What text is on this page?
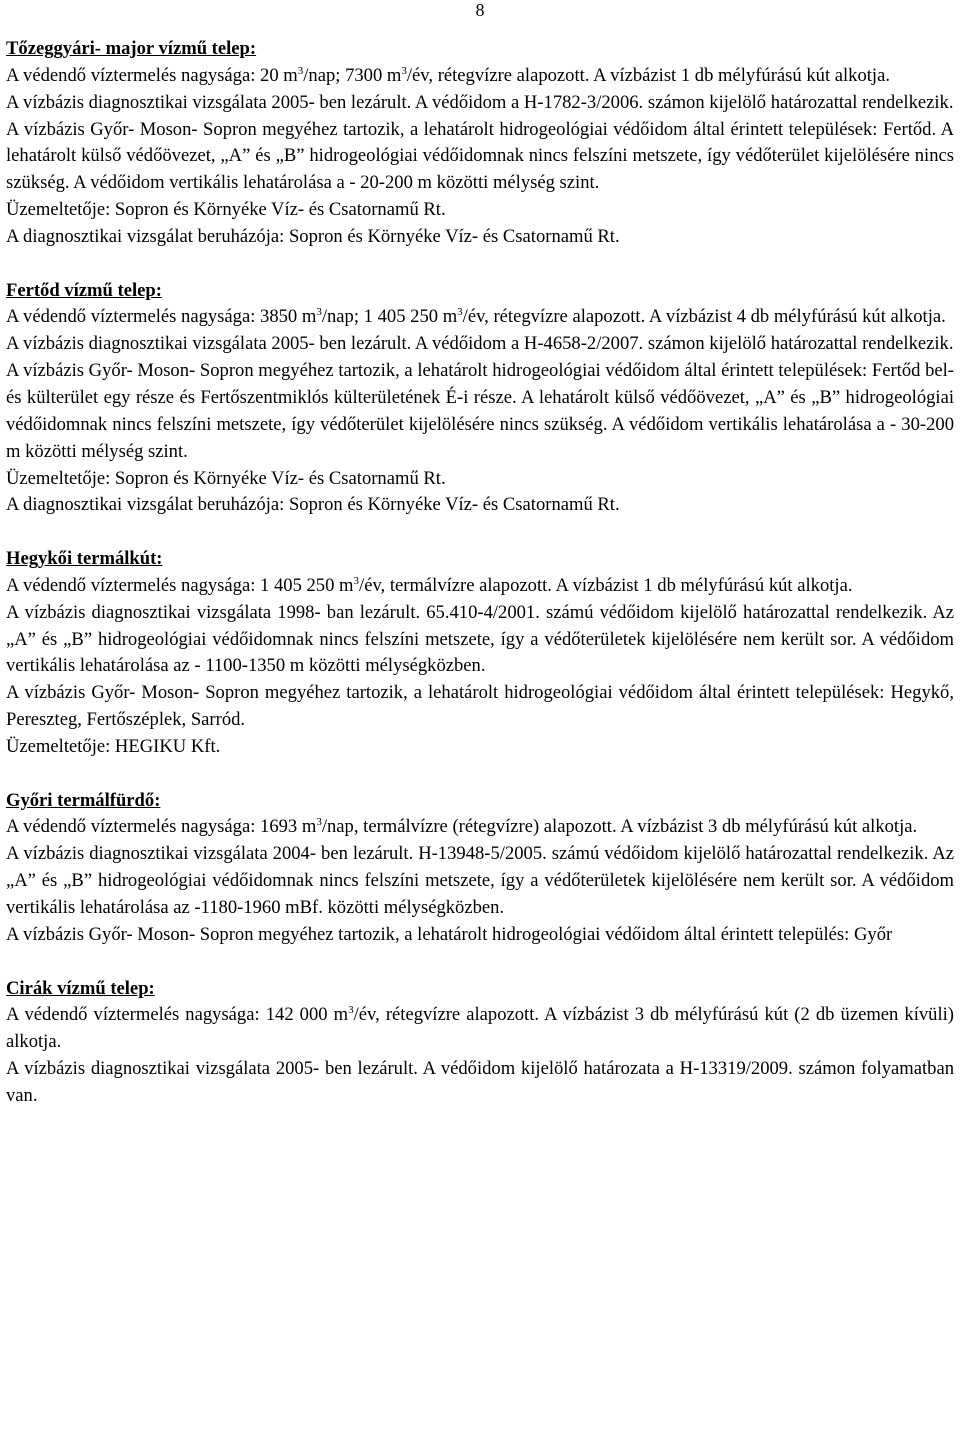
8
Tőzeggyári- major vízmű telep:

A védendő víztermelés nagysága: 20 $m^3$/nap; 7300 $m^3/év$, rétegvízre alapozott. A vízbázist 1 db mélyfúrású kút alkotja.

A vízbázis diagnosztikai vizsgálata 2005- ben lezárult. A védőidom a H-1782-3/2006. számon kijelölő határozattal rendelkezik.

A vízbázis Győr- Moson- Sopron megyéhez tartozik, a lehatárolt hidrogeológiai védőidom által érintett települések: Fertőd. A lehatárolt külső védőövezet, „A” és „B” hidrogeológiai védőidomnak nincs felszíni metszete, így védőterület kijelölésére nincs szükség. A védőidom vertikális lehatárolása a - 20-200 m közötti mélység szint.

Üzemeltetője: Sopron és Környéke Víz- és Csatornamű Rt.

A diagnosztikai vizsgálat beruházója: Sopron és Környéke Víz- és Csatornamű Rt.

Fertőd vízmű telep:

A védendő víztermelés nagysága: 3850 $m^3$/nap; 1 405 250 $m^3/év$, rétegvízre alapozott. A vízbázist 4 db mélyfúrású kút alkotja.

A vízbázis diagnosztikai vizsgálata 2005- ben lezárult. A védőidom a H-4658-2/2007. számon kijelölő határozattal rendelkezik.

A vízbázis Győr- Moson- Sopron megyéhez tartozik, a lehatárolt hidrogeológiai védőidom által érintett települések: Fertőd bel- és külterület egy része és Fertőszentmiklós külterületének É-i része. A lehatárolt külső védőövezet, „A” és „B” hidrogeológiai védőidomnak nincs felszíni metszete, így védőterület kijelölésére nincs szükség. A védőidom vertikális lehatárolása a - 30-200 m közötti mélység szint.

Üzemeltetője: Sopron és Környéke Víz- és Csatornamű Rt.

A diagnosztikai vizsgálat beruházója: Sopron és Környéke Víz- és Csatornamű Rt.

Hegykői termálkút:

A védendő víztermelés nagysága: 1 405 250 $m^3/év$, termálvízre alapozott. A vízbázist 1 db mélyfúrású kút alkotja.

A vízbázis diagnosztikai vizsgálata 1998- ban lezárult. 65.410-4/2001. számú védőidom kijelölő határozattal rendelkezik. Az „A” és „B” hidrogeológiai védőidomnak nincs felszíni metszete, így a védőterületek kijelölésére nem került sor. A védőidom vertikális lehatárolása az - 1100-1350 m közötti mélységközben.

A vízbázis Győr- Moson- Sopron megyéhez tartozik, a lehatárolt hidrogeológiai védőidom által érintett települések: Hegykő, Pereszteg, Fertőszéplek, Sarród.

Üzemeltetője: HEGIKU Kft.

Győri termálfürdő:

A védendő víztermelés nagysága: 1693 $m^3$/nap, termálvízre (rétegvízre) alapozott. A vízbázist 3 db mélyfúrású kút alkotja.

A vízbázis diagnosztikai vizsgálata 2004- ben lezárult. H-13948-5/2005. számú védőidom kijelölő határozattal rendelkezik. Az „A” és „B” hidrogeológiai védőidomnak nincs felszíni metszete, így a védőterületek kijelölésére nem került sor. A védőidom vertikális lehatárolása az -1180-1960 mBf. közötti mélységközben.

A vízbázis Győr- Moson- Sopron megyéhez tartozik, a lehatárolt hidrogeológiai védőidom által érintett település: Győr

Cirák vízmű telep:

A védendő víztermelés nagysága: 142 000 $m^3/év$, rétegvízre alapozott. A vízbázist 3 db mélyfúrású kút (2 db üzemen kívüli) alkotja.

A vízbázis diagnosztikai vizsgálata 2005- ben lezárult. A védőidom kijelölő határozata a H-13319/2009. számon folyamatban van.
